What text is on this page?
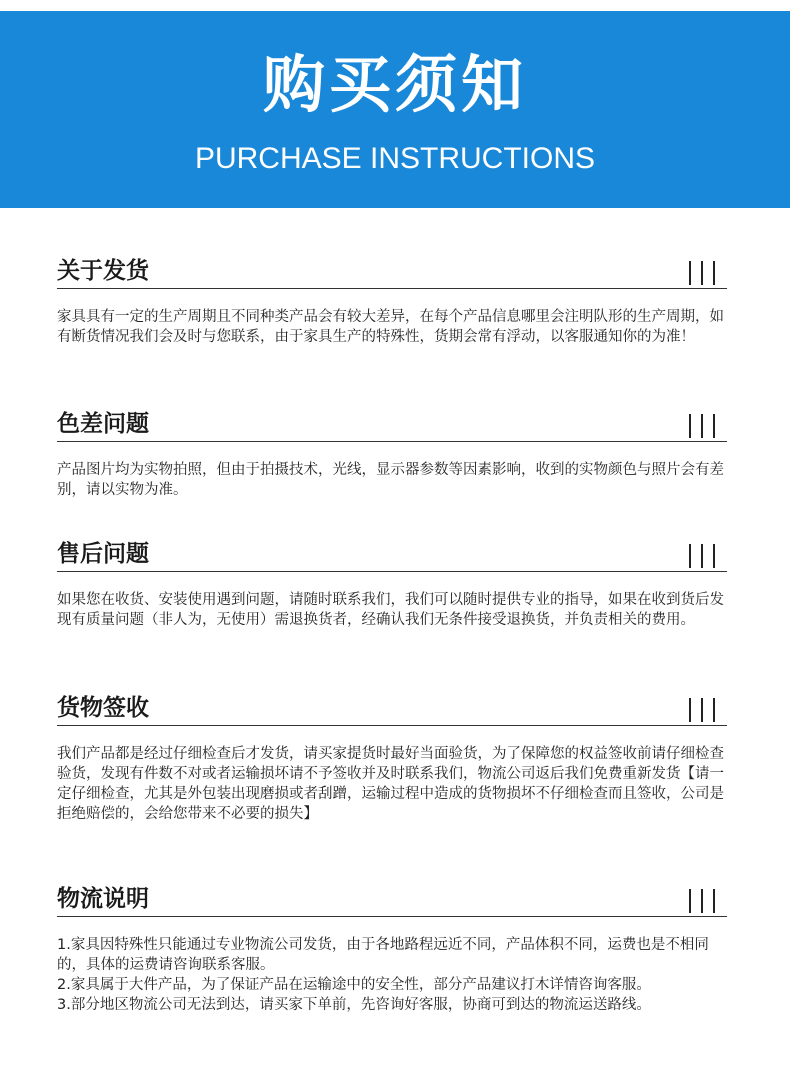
购买须知
PURCHASE INSTRUCTIONS
关于发货

家具具有一定的生产周期且不同种类产品会有较大差异，在每个产品信息哪里会注明队形的生产周期，如有断货情况我们会及时与您联系，由于家具生产的特殊性，货期会常有浮动，以客服通知你的为准！

色差问题

产品图片均为实物拍照，但由于拍摄技术，光线，显示器参数等因素影响，收到的实物颜色与照片会有差别，请以实物为准。

售后问题

如果您在收货、安装使用遇到问题，请随时联系我们，我们可以随时提供专业的指导，如果在收到货后发现有质量问题（非人为，无使用）需退换货者，经确认我们无条件接受退换货，并负责相关的费用。

货物签收

我们产品都是经过仔细检查后才发货，请买家提货时最好当面验货，为了保障您的权益签收前请仔细检查验货，发现有件数不对或者运输损坏请不予签收并及时联系我们，物流公司返后我们免费重新发货【请一定仔细检查，尤其是外包装出现磨损或者刮蹭，运输过程中造成的货物损坏不仔细检查而且签收，公司是拒绝赔偿的，会给您带来不必要的损失】

物流说明

1.家具因特殊性只能通过专业物流公司发货，由于各地路程远近不同，产品体积不同，运费也是不相同的，具体的运费请咨询联系客服。

2.家具属于大件产品，为了保证产品在运输途中的安全性，部分产品建议打木详情咨询客服。

3.部分地区物流公司无法到达，请买家下单前，先咨询好客服，协商可到达的物流运送路线。
